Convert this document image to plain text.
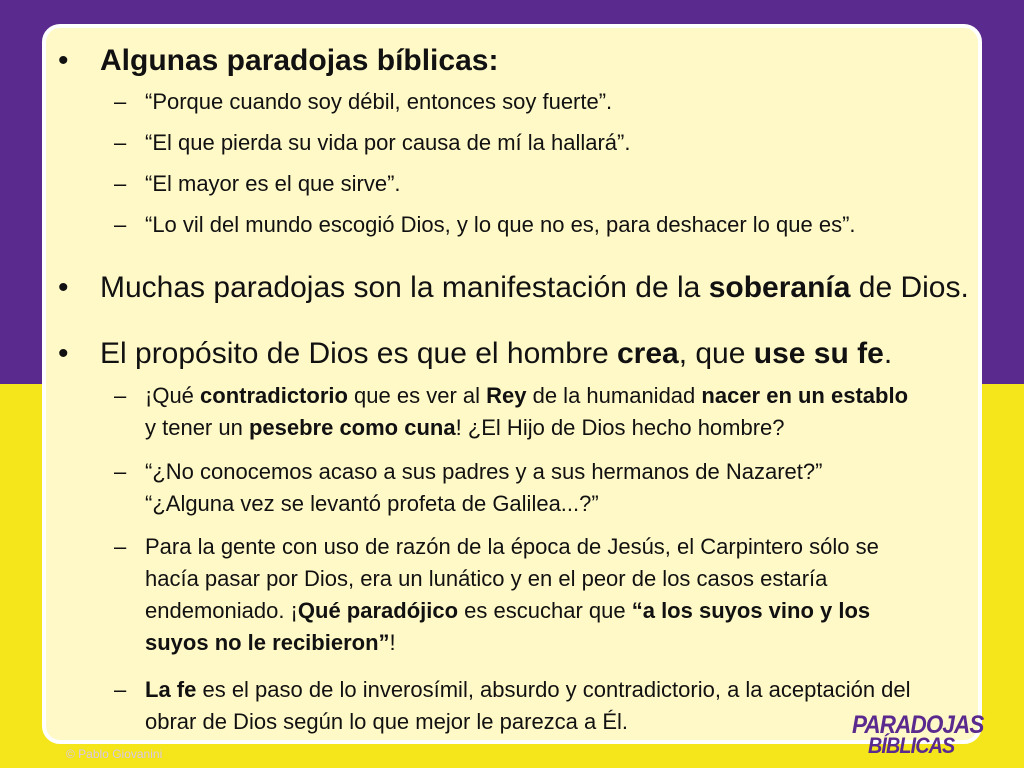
• Algunas paradojas bíblicas:
– “Porque cuando soy débil, entonces soy fuerte”.
– “El que pierda su vida por causa de mí la hallará”.
– “El mayor es el que sirve”.
– “Lo vil del mundo escogió Dios, y lo que no es, para deshacer lo que es”.
• Muchas paradojas son la manifestación de la soberanía de Dios.
• El propósito de Dios es que el hombre crea, que use su fe.
– ¡Qué contradictorio que es ver al Rey de la humanidad nacer en un establo y tener un pesebre como cuna! ¿El Hijo de Dios hecho hombre?
– “¿No conocemos acaso a sus padres y a sus hermanos de Nazaret?”
“¿Alguna vez se levantó profeta de Galilea...?”
– Para la gente con uso de razón de la época de Jesús, el Carpintero sólo se hacía pasar por Dios, era un lunático y en el peor de los casos estaría endemoniado. ¡Qué paradójico es escuchar que “a los suyos vino y los suyos no le recibieron”!
– La fe es el paso de lo inverosímil, absurdo y contradictorio, a la aceptación del obrar de Dios según lo que mejor le parezca a Él.
© Pablo Giovanini
PARADOJAS
BÍBLICAS
